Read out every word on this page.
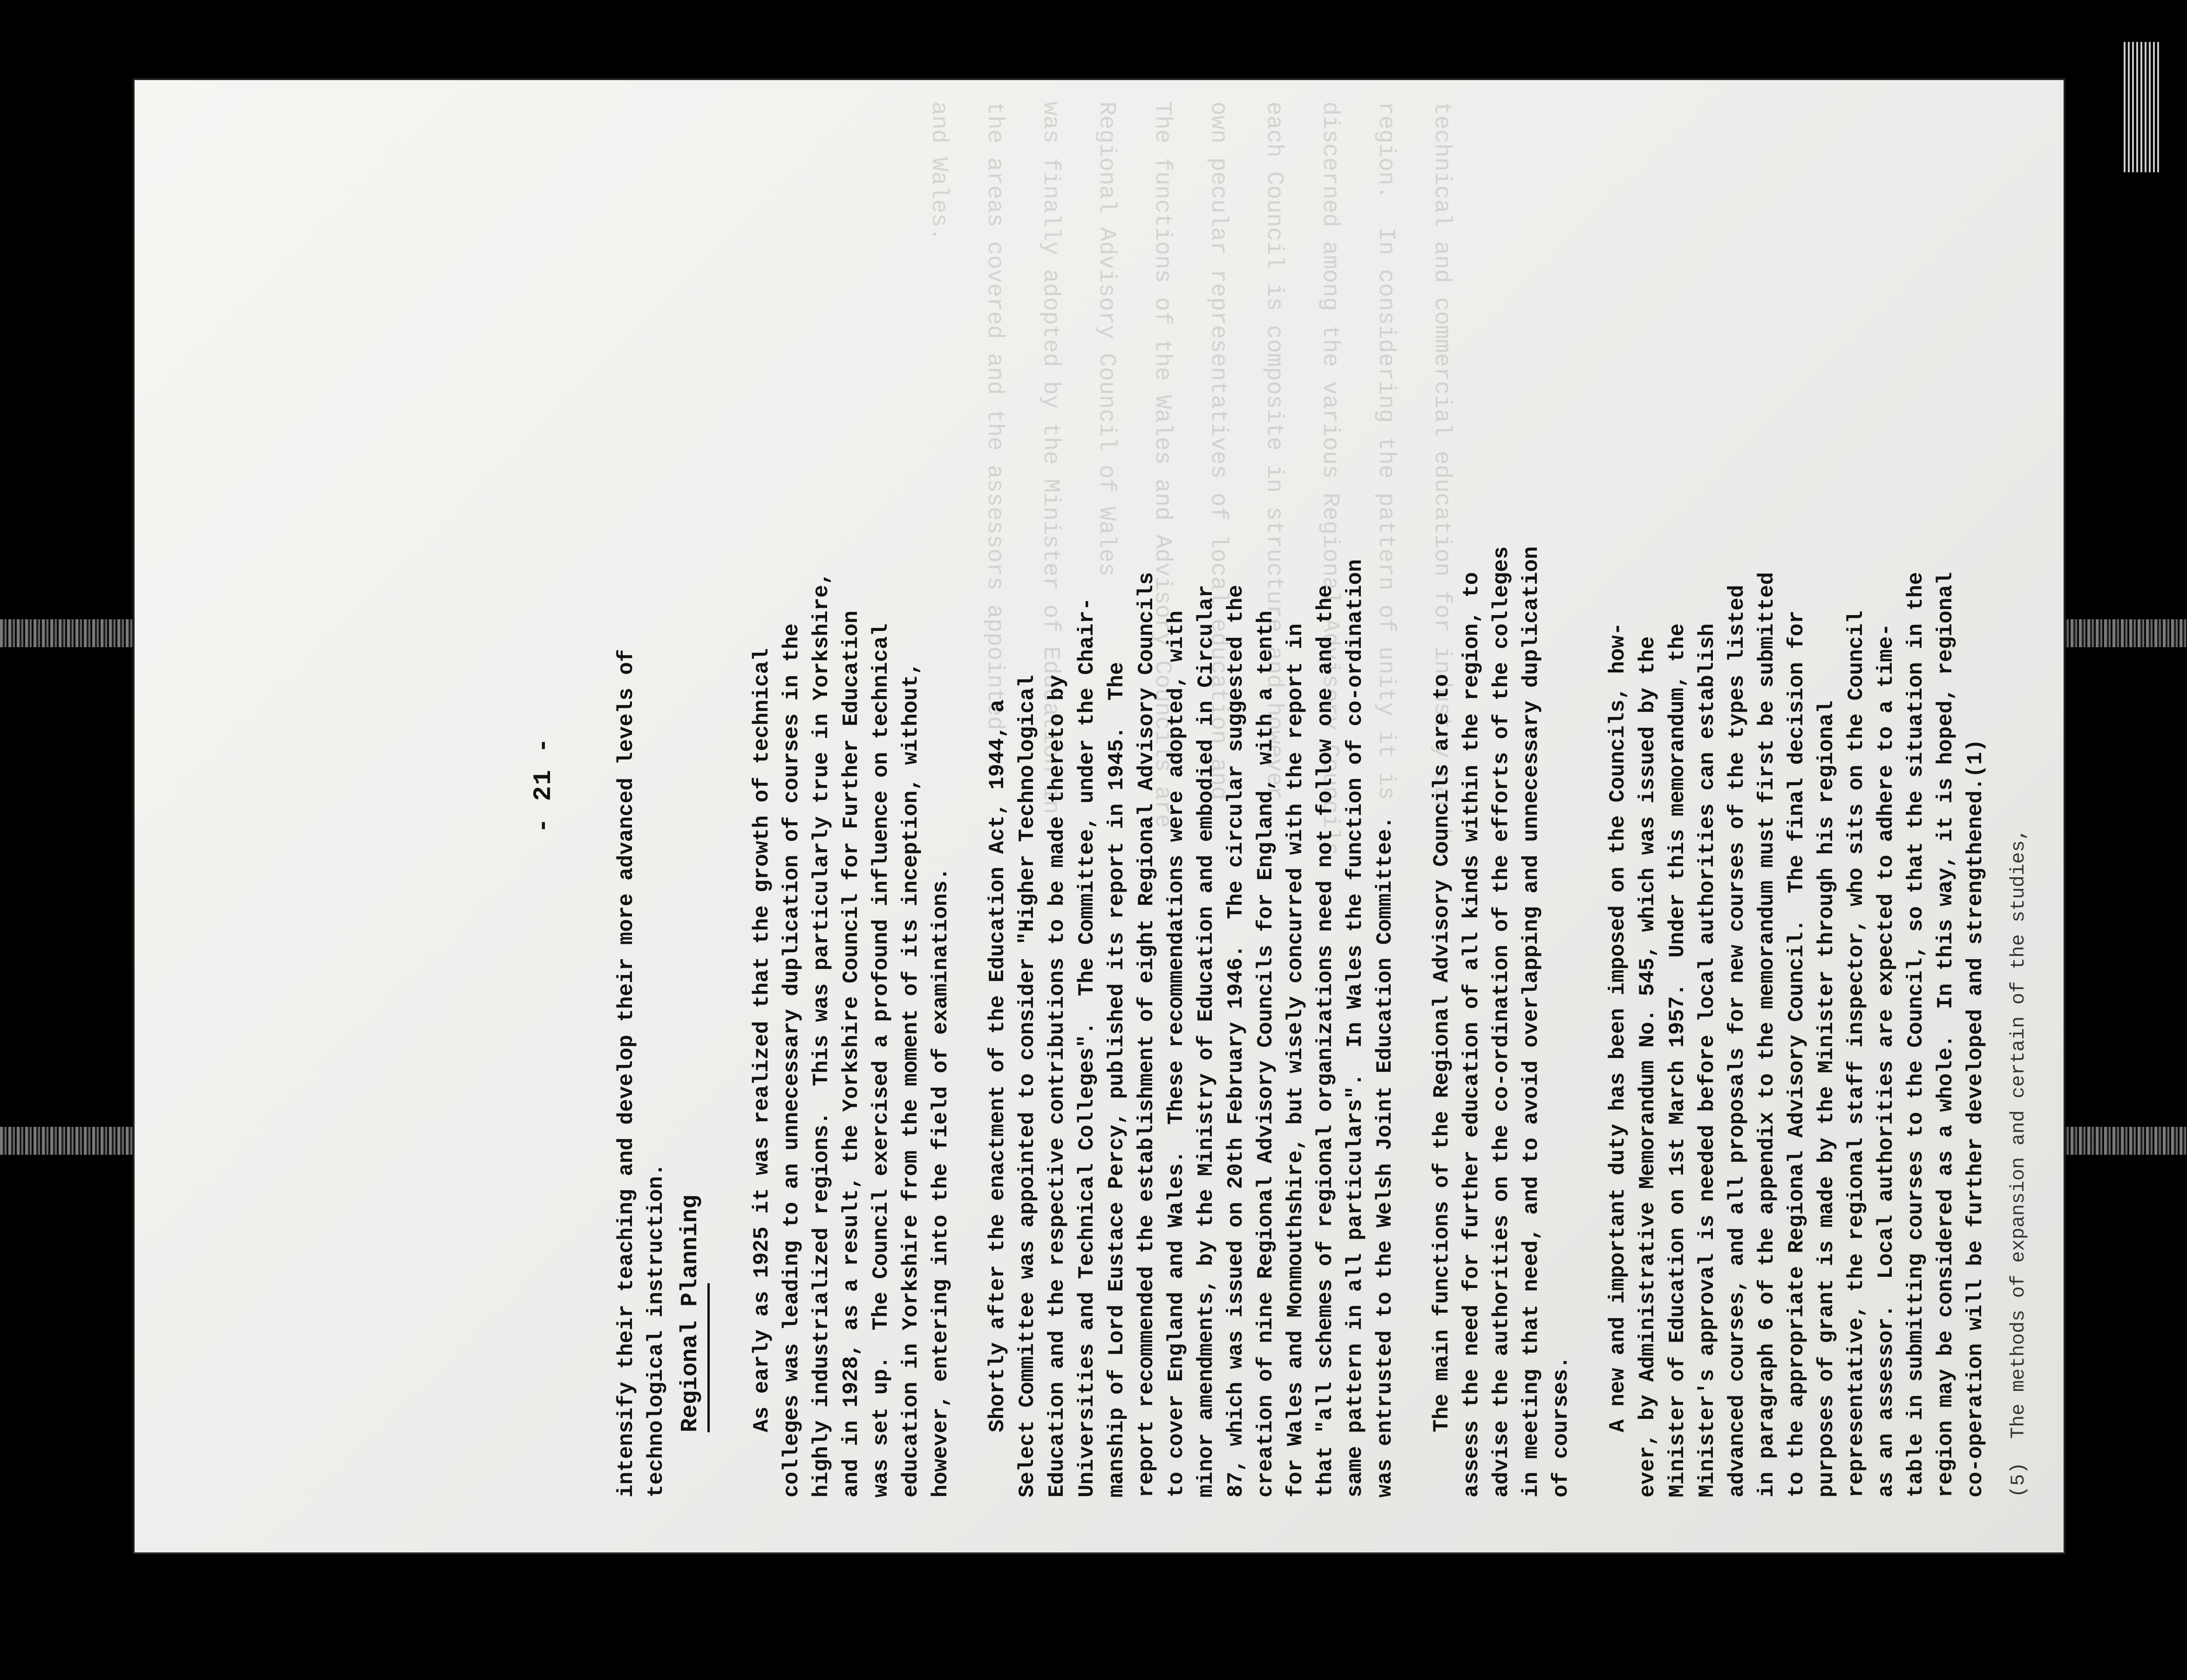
technical and commercial education for industry can be
region.  In considering the pattern of unity it is
discerned among the various Regional Advisory Councils
each Council is composite in structure and however,
own pecular representatives of local education and
The functions of the Wales and Advisory Councils are
Regional Advisory Council of Wales
was finally adopted by the Minister of Education in
the areas covered and the assessors appointed
and Wales.
- 21 -	intensify their teaching and develop their more advanced levels of technological instruction. Regional Planning As early as 1925 it was realized that the growth of technical colleges was leading to an unnecessary duplication of courses in the highly industrialized regions.  This was particularly true in Yorkshire, and in 1928, as a result, the Yorkshire Council for Further Education was set up.  The Council exercised a profound influence on technical education in Yorkshire from the moment of its inception, without, however, entering into the field of examinations. Shortly after the enactment of the Education Act, 1944, a Select Committee was appointed to consider "Higher Technological Education and the respective contributions to be made thereto by Universities and Technical Colleges".  The Committee, under the Chair- manship of Lord Eustace Percy, published its report in 1945.  The report recommended the establishment of eight Regional Advisory Councils to cover England and Wales.  These recommendations were adopted, with minor amendments, by the Ministry of Education and embodied in Circular 87, which was issued on 20th February 1946.  The circular suggested the creation of nine Regional Advisory Councils for England, with a tenth for Wales and Monmouthshire, but wisely concurred with the report in that "all schemes of regional organizations need not follow one and the same pattern in all particulars".  In Wales the function of co-ordination was entrusted to the Welsh Joint Education Committee. The main functions of the Regional Advisory Councils are to assess the need for further education of all kinds within the region, to advise the authorities on the co-ordination of the efforts of the colleges in meeting that need, and to avoid overlapping and unnecessary duplication of courses. A new and important duty has been imposed on the Councils, how- ever, by Administrative Memorandum No. 545, which was issued by the Minister of Education on 1st March 1957.  Under this memorandum, the Minister's approval is needed before local authorities can establish advanced courses, and all proposals for new courses of the types listed in paragraph 6 of the appendix to the memorandum must first be submitted to the appropriate Regional Advisory Council.  The final decision for purposes of grant is made by the Minister through his regional representative, the regional staff inspector, who sits on the Council as an assessor.  Local authorities are expected to adhere to a time- table in submitting courses to the Council, so that the situation in the region may be considered as a whole.  In this way, it is hoped, regional co-operation will be further developed and strengthened.(1) (5)  The methods of expansion and certain of the studies,
